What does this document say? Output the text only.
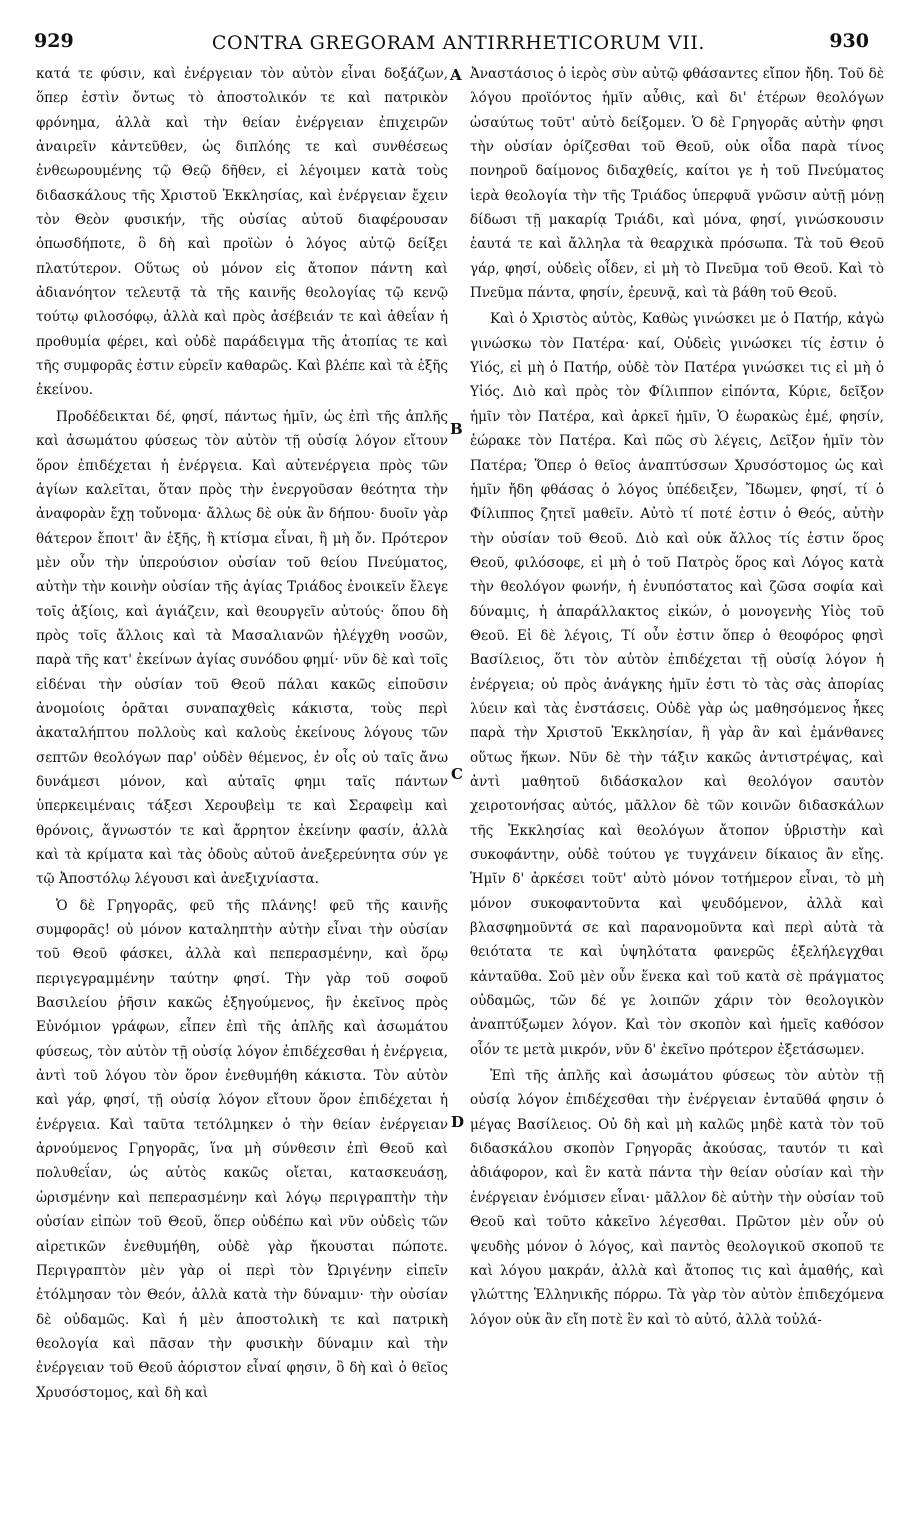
929	CONTRA GREGORAM ANTIRRHETICORUM VII.	930
A
B
C
D

κατά τε φύσιν, καὶ ἐνέργειαν τὸν αὐτὸν εἶναι δοξάζων, ὅπερ ἐστὶν ὄντως τὸ ἀποστολικόν τε καὶ πατρικὸν φρόνημα, ἀλλὰ καὶ τὴν θείαν ἐνέργειαν ἐπιχειρῶν ἀναιρεῖν κἀντεῦθεν, ὡς διπλόης τε καὶ συνθέσεως ἐνθεωρουμένης τῷ Θεῷ δῆθεν, εἰ λέγοιμεν κατὰ τοὺς διδασκάλους τῆς Χριστοῦ Ἐκκλησίας, καὶ ἐνέργειαν ἔχειν τὸν Θεὸν φυσικήν, τῆς οὐσίας αὐτοῦ διαφέρουσαν ὁπωσδήποτε, ὃ δὴ καὶ προϊὼν ὁ λόγος αὐτῷ δείξει πλατύτερον. Οὕτως οὐ μόνον εἰς ἄτοπον πάντη καὶ ἀδιανόητον τελευτᾷ τὰ τῆς καινῆς θεολογίας τῷ κενῷ τούτῳ φιλοσόφῳ, ἀλλὰ καὶ πρὸς ἀσέβειάν τε καὶ ἀθεΐαν ἡ προθυμία φέρει, καὶ οὐδὲ παράδειγμα τῆς ἀτοπίας τε καὶ τῆς συμφορᾶς ἐστιν εὑρεῖν καθαρῶς. Καὶ βλέπε καὶ τὰ ἑξῆς ἐκείνου.

Προδέδεικται δέ, φησί, πάντως ἡμῖν, ὡς ἐπὶ τῆς ἁπλῆς καὶ ἀσωμάτου φύσεως τὸν αὐτὸν τῇ οὐσίᾳ λόγον εἴτουν ὅρον ἐπιδέχεται ἡ ἐνέργεια. Καὶ αὐτενέργεια πρὸς τῶν ἁγίων καλεῖται, ὅταν πρὸς τὴν ἐνεργοῦσαν θεότητα τὴν ἀναφορὰν ἔχῃ τοὔνομα· ἄλλως δὲ οὐκ ἂν δήπου· δυοῖν γὰρ θάτερον ἔποιτ' ἂν ἑξῆς, ἢ κτίσμα εἶναι, ἢ μὴ ὄν. Πρότερον μὲν οὖν τὴν ὑπερούσιον οὐσίαν τοῦ θείου Πνεύματος, αὐτὴν τὴν κοινὴν οὐσίαν τῆς ἁγίας Τριάδος ἐνοικεῖν ἔλεγε τοῖς ἀξίοις, καὶ ἁγιάζειν, καὶ θεουργεῖν αὐτούς· ὅπου δὴ πρὸς τοῖς ἄλλοις καὶ τὰ Μασαλιανῶν ἠλέγχθη νοσῶν, παρὰ τῆς κατ' ἐκείνων ἁγίας συνόδου φημί· νῦν δὲ καὶ τοῖς εἰδέναι τὴν οὐσίαν τοῦ Θεοῦ πάλαι κακῶς εἰποῦσιν ἀνομοίοις ὁρᾶται συναπαχθεὶς κάκιστα, τοὺς περὶ ἀκαταλήπτου πολλοὺς καὶ καλοὺς ἐκείνους λόγους τῶν σεπτῶν θεολόγων παρ' οὐδὲν θέμενος, ἐν οἷς οὐ ταῖς ἄνω δυνάμεσι μόνον, καὶ αὐταῖς φημι ταῖς πάντων ὑπερκειμέναις τάξεσι Χερουβεὶμ τε καὶ Σεραφεὶμ καὶ θρόνοις, ἄγνωστόν τε καὶ ἄρρητον ἐκείνην φασίν, ἀλλὰ καὶ τὰ κρίματα καὶ τὰς ὁδοὺς αὐτοῦ ἀνεξερεύνητα σύν γε τῷ Ἀποστόλῳ λέγουσι καὶ ἀνεξιχνίαστα.

Ὁ δὲ Γρηγορᾶς, φεῦ τῆς πλάνης! φεῦ τῆς καινῆς συμφορᾶς! οὐ μόνον καταληπτὴν αὐτὴν εἶναι τὴν οὐσίαν τοῦ Θεοῦ φάσκει, ἀλλὰ καὶ πεπερασμένην, καὶ ὅρῳ περιγεγραμμένην ταύτην φησί. Τὴν γὰρ τοῦ σοφοῦ Βασιλείου ῥῆσιν κακῶς ἐξηγούμενος, ἣν ἐκεῖνος πρὸς Εὐνόμιον γράφων, εἶπεν ἐπὶ τῆς ἁπλῆς καὶ ἀσωμάτου φύσεως, τὸν αὐτὸν τῇ οὐσίᾳ λόγον ἐπιδέχεσθαι ἡ ἐνέργεια, ἀντὶ τοῦ λόγου τὸν ὅρον ἐνεθυμήθη κάκιστα. Τὸν αὐτὸν καὶ γάρ, φησί, τῇ οὐσίᾳ λόγον εἴτουν ὅρον ἐπιδέχεται ἡ ἐνέργεια. Καὶ ταῦτα τετόλμηκεν ὁ τὴν θείαν ἐνέργειαν ἀρνούμενος Γρηγορᾶς, ἵνα μὴ σύνθεσιν ἐπὶ Θεοῦ καὶ πολυθεΐαν, ὡς αὐτὸς κακῶς οἴεται, κατασκευάσῃ, ὡρισμένην καὶ πεπερασμένην καὶ λόγῳ περιγραπτὴν τὴν οὐσίαν εἰπὼν τοῦ Θεοῦ, ὅπερ οὐδέπω καὶ νῦν οὐδεὶς τῶν αἱρετικῶν ἐνεθυμήθη, οὐδὲ γὰρ ἤκουσται πώποτε. Περιγραπτὸν μὲν γὰρ οἱ περὶ τὸν Ὠριγένην εἰπεῖν ἐτόλμησαν τὸν Θεόν, ἀλλὰ κατὰ τὴν δύναμιν· τὴν οὐσίαν δὲ οὐδαμῶς. Καὶ ἡ μὲν ἀποστολικὴ τε καὶ πατρικὴ θεολογία καὶ πᾶσαν τὴν φυσικὴν δύναμιν καὶ τὴν ἐνέργειαν τοῦ Θεοῦ ἀόριστον εἶναί φησιν, ὃ δὴ καὶ ὁ θεῖος Χρυσόστομος, καὶ δὴ καὶ

Ἀναστάσιος ὁ ἱερὸς σὺν αὐτῷ φθάσαντες εἴπον ἤδη. Τοῦ δὲ λόγου προϊόντος ἡμῖν αὖθις, καὶ δι' ἑτέρων θεολόγων ὡσαύτως τοῦτ' αὐτὸ δείξομεν. Ὁ δὲ Γρηγορᾶς αὐτὴν φησι τὴν οὐσίαν ὁρίζεσθαι τοῦ Θεοῦ, οὐκ οἶδα παρὰ τίνος πονηροῦ δαίμονος διδαχθείς, καίτοι γε ἡ τοῦ Πνεύματος ἱερὰ θεολογία τὴν τῆς Τριάδος ὑπερφυᾶ γνῶσιν αὐτῇ μόνῃ δίδωσι τῇ μακαρίᾳ Τριάδι, καὶ μόνα, φησί, γινώσκουσιν ἑαυτά τε καὶ ἄλληλα τὰ θεαρχικὰ πρόσωπα. Τὰ τοῦ Θεοῦ γάρ, φησί, οὐδεὶς οἶδεν, εἰ μὴ τὸ Πνεῦμα τοῦ Θεοῦ. Καὶ τὸ Πνεῦμα πάντα, φησίν, ἐρευνᾷ, καὶ τὰ βάθη τοῦ Θεοῦ.

Καὶ ὁ Χριστὸς αὐτὸς, Καθὼς γινώσκει με ὁ Πατήρ, κἀγὼ γινώσκω τὸν Πατέρα· καί, Οὐδεὶς γινώσκει τίς ἐστιν ὁ Υἱός, εἰ μὴ ὁ Πατήρ, οὐδὲ τὸν Πατέρα γινώσκει τις εἰ μὴ ὁ Υἱός. Διὸ καὶ πρὸς τὸν Φίλιππον εἰπόντα, Κύριε, δεῖξον ἡμῖν τὸν Πατέρα, καὶ ἀρκεῖ ἡμῖν, Ὁ ἑωρακὼς ἐμέ, φησίν, ἑώρακε τὸν Πατέρα. Καὶ πῶς σὺ λέγεις, Δεῖξον ἡμῖν τὸν Πατέρα; Ὅπερ ὁ θεῖος ἀναπτύσσων Χρυσόστομος ὡς καὶ ἡμῖν ἤδη φθάσας ὁ λόγος ὑπέδειξεν, Ἴδωμεν, φησί, τί ὁ Φίλιππος ζητεῖ μαθεῖν. Αὐτὸ τί ποτέ ἐστιν ὁ Θεός, αὐτὴν τὴν οὐσίαν τοῦ Θεοῦ. Διὸ καὶ οὐκ ἄλλος τίς ἐστιν ὅρος Θεοῦ, φιλόσοφε, εἰ μὴ ὁ τοῦ Πατρὸς ὅρος καὶ Λόγος κατὰ τὴν θεολόγον φωνήν, ἡ ἐνυπόστατος καὶ ζῶσα σοφία καὶ δύναμις, ἡ ἀπαράλλακτος εἰκών, ὁ μονογενὴς Υἱὸς τοῦ Θεοῦ. Εἰ δὲ λέγοις, Τί οὖν ἐστιν ὅπερ ὁ θεοφόρος φησὶ Βασίλειος, ὅτι τὸν αὐτὸν ἐπιδέχεται τῇ οὐσίᾳ λόγον ἡ ἐνέργεια; οὐ πρὸς ἀνάγκης ἡμῖν ἐστι τὸ τὰς σὰς ἀπορίας λύειν καὶ τὰς ἐνστάσεις. Οὐδὲ γὰρ ὡς μαθησόμενος ἧκες παρὰ τὴν Χριστοῦ Ἐκκλησίαν, ἢ γὰρ ἂν καὶ ἐμάνθανες οὕτως ἥκων. Νῦν δὲ τὴν τάξιν κακῶς ἀντιστρέψας, καὶ ἀντὶ μαθητοῦ διδάσκαλον καὶ θεολόγον σαυτὸν χειροτονήσας αὐτός, μᾶλλον δὲ τῶν κοινῶν διδασκάλων τῆς Ἐκκλησίας καὶ θεολόγων ἄτοπον ὑβριστὴν καὶ συκοφάντην, οὐδὲ τούτου γε τυγχάνειν δίκαιος ἂν εἴης. Ἡμῖν δ' ἀρκέσει τοῦτ' αὐτὸ μόνον τοτήμερον εἶναι, τὸ μὴ μόνον συκοφαντοῦντα καὶ ψευδόμενον, ἀλλὰ καὶ βλασφημοῦντά σε καὶ παρανομοῦντα καὶ περὶ αὐτὰ τὰ θειότατα τε καὶ ὑψηλότατα φανερῶς ἐξελήλεγχθαι κἀνταῦθα. Σοῦ μὲν οὖν ἕνεκα καὶ τοῦ κατὰ σὲ πράγματος οὐδαμῶς, τῶν δέ γε λοιπῶν χάριν τὸν θεολογικὸν ἀναπτύξωμεν λόγον. Καὶ τὸν σκοπὸν καὶ ἡμεῖς καθόσον οἷόν τε μετὰ μικρόν, νῦν δ' ἐκεῖνο πρότερον ἐξετάσωμεν.

Ἐπὶ τῆς ἁπλῆς καὶ ἀσωμάτου φύσεως τὸν αὐτὸν τῇ οὐσίᾳ λόγον ἐπιδέχεσθαι τὴν ἐνέργειαν ἐνταῦθά φησιν ὁ μέγας Βασίλειος. Οὐ δὴ καὶ μὴ καλῶς μηδὲ κατὰ τὸν τοῦ διδασκάλου σκοπὸν Γρηγορᾶς ἀκούσας, ταυτόν τι καὶ ἀδιάφορον, καὶ ἓν κατὰ πάντα τὴν θείαν οὐσίαν καὶ τὴν ἐνέργειαν ἐνόμισεν εἶναι· μᾶλλον δὲ αὐτὴν τὴν οὐσίαν τοῦ Θεοῦ καὶ τοῦτο κἀκεῖνο λέγεσθαι. Πρῶτον μὲν οὖν οὐ ψευδὴς μόνον ὁ λόγος, καὶ παντὸς θεολογικοῦ σκοποῦ τε καὶ λόγου μακράν, ἀλλὰ καὶ ἄτοπος τις καὶ ἀμαθής, καὶ γλώττης Ἑλληνικῆς πόρρω. Τὰ γὰρ τὸν αὐτὸν ἐπιδεχόμενα λόγον οὐκ ἂν εἴη ποτὲ ἓν καὶ τὸ αὐτό, ἀλλὰ τοὐλά-
